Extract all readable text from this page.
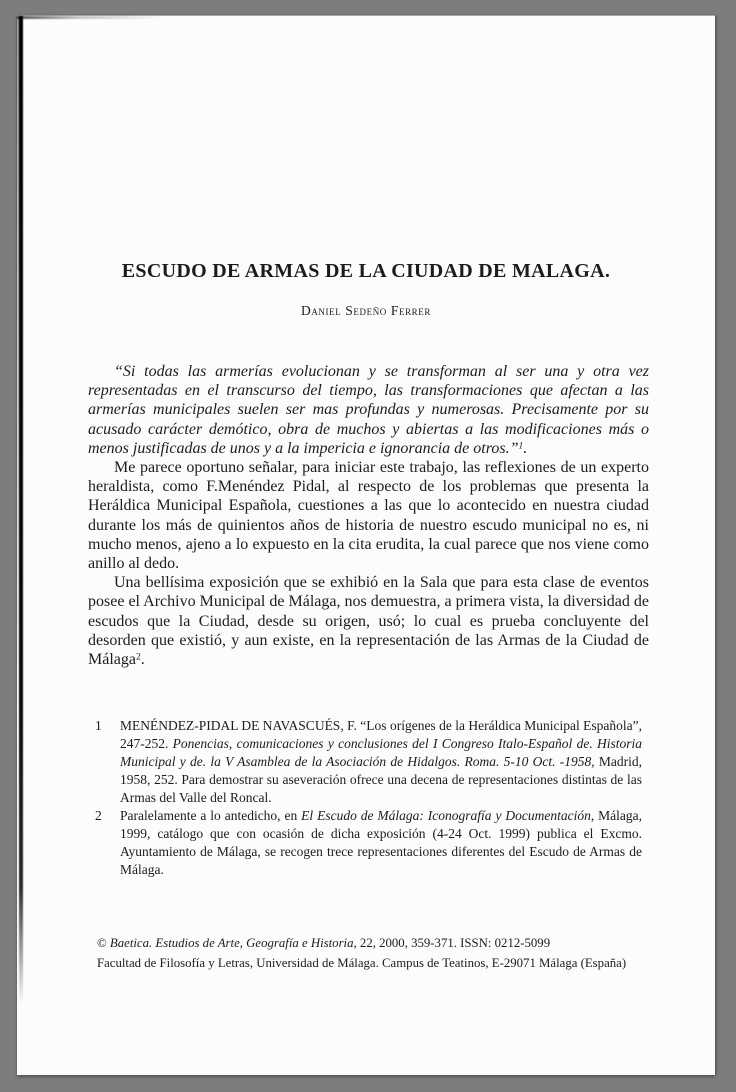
ESCUDO DE ARMAS DE LA CIUDAD DE MALAGA.
Daniel Sedeño Ferrer

“Si todas las armerías evolucionan y se transforman al ser una y otra vez representadas en el transcurso del tiempo, las transformaciones que afectan a las armerías municipales suelen ser mas profundas y numerosas. Precisamente por su acusado carácter demótico, obra de muchos y abiertas a las modificaciones más o menos justificadas de unos y a la impericia e ignorancia de otros.”$^1$.

Me parece oportuno señalar, para iniciar este trabajo, las reflexiones de un experto heraldista, como F.Menéndez Pidal, al respecto de los problemas que presenta la Heráldica Municipal Española, cuestiones a las que lo acontecido en nuestra ciudad durante los más de quinientos años de historia de nuestro escudo municipal no es, ni mucho menos, ajeno a lo expuesto en la cita erudita, la cual parece que nos viene como anillo al dedo.

Una bellísima exposición que se exhibió en la Sala que para esta clase de eventos posee el Archivo Municipal de Málaga, nos demuestra, a primera vista, la diversidad de escudos que la Ciudad, desde su origen, usó; lo cual es prueba concluyente del desorden que existió, y aun existe, en la representación de las Armas de la Ciudad de Málaga$^2$.

1	MENÉNDEZ-PIDAL DE NAVASCUÉS, F. “Los orígenes de la Heráldica Municipal Española”, 247-252. Ponencias, comunicaciones y conclusiones del I Congreso Italo-Español de. Historia Municipal y de. la V Asamblea de la Asociación de Hidalgos. Roma. 5-10 Oct. -1958, Madrid, 1958, 252. Para demostrar su aseveración ofrece una decena de representaciones distintas de las Armas del Valle del Roncal.
2	Paralelamente a lo antedicho, en El Escudo de Málaga: Iconografía y Documentación, Málaga, 1999, catálogo que con ocasión de dicha exposición (4-24 Oct. 1999) publica el Excmo. Ayuntamiento de Málaga, se recogen trece representaciones diferentes del Escudo de Armas de Málaga.
© Baetica. Estudios de Arte, Geografía e Historia, 22, 2000, 359-371. ISSN: 0212-5099
Facultad de Filosofía y Letras, Universidad de Málaga. Campus de Teatinos, E-29071 Málaga (España)
